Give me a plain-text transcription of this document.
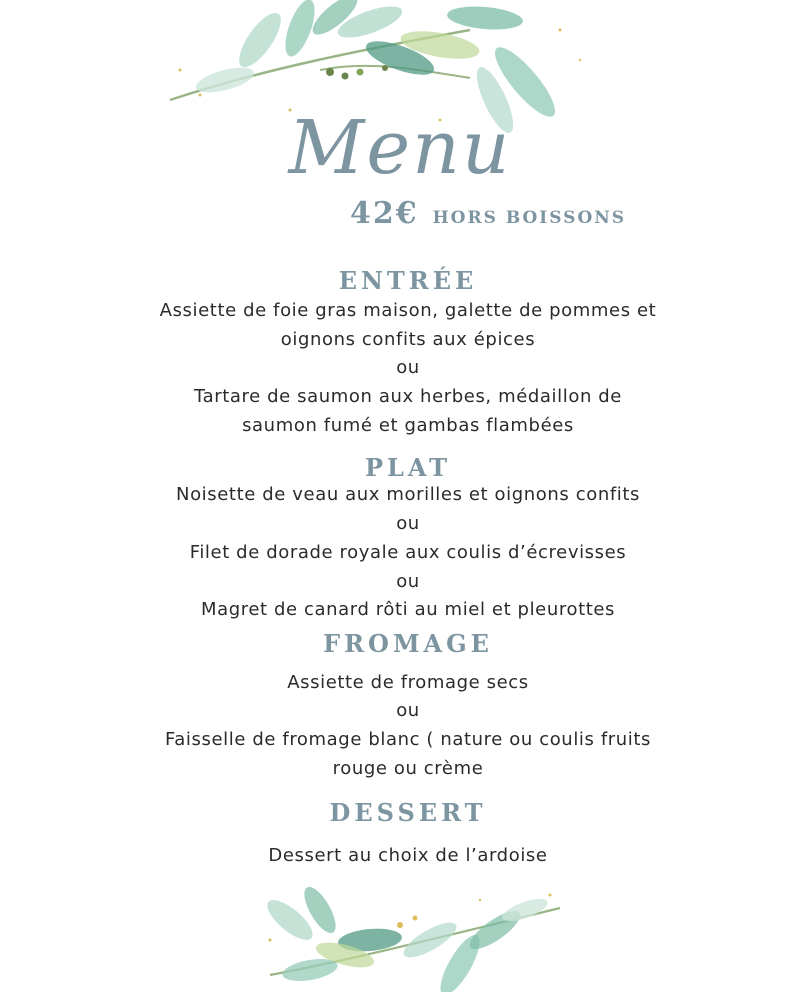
Menu
42€ HORS BOISSONS
ENTRÉE
Assiette de foie gras maison, galette de pommes et
oignons confits aux épices
ou
Tartare de saumon aux herbes, médaillon de
saumon fumé et gambas flambées
PLAT
Noisette de veau aux morilles et oignons confits
ou
Filet de dorade royale aux coulis d’écrevisses
ou
Magret de canard rôti au miel et pleurottes
FROMAGE
Assiette de fromage secs
ou
Faisselle de fromage blanc ( nature ou coulis fruits
rouge ou crème
DESSERT
Dessert au choix de l’ardoise
